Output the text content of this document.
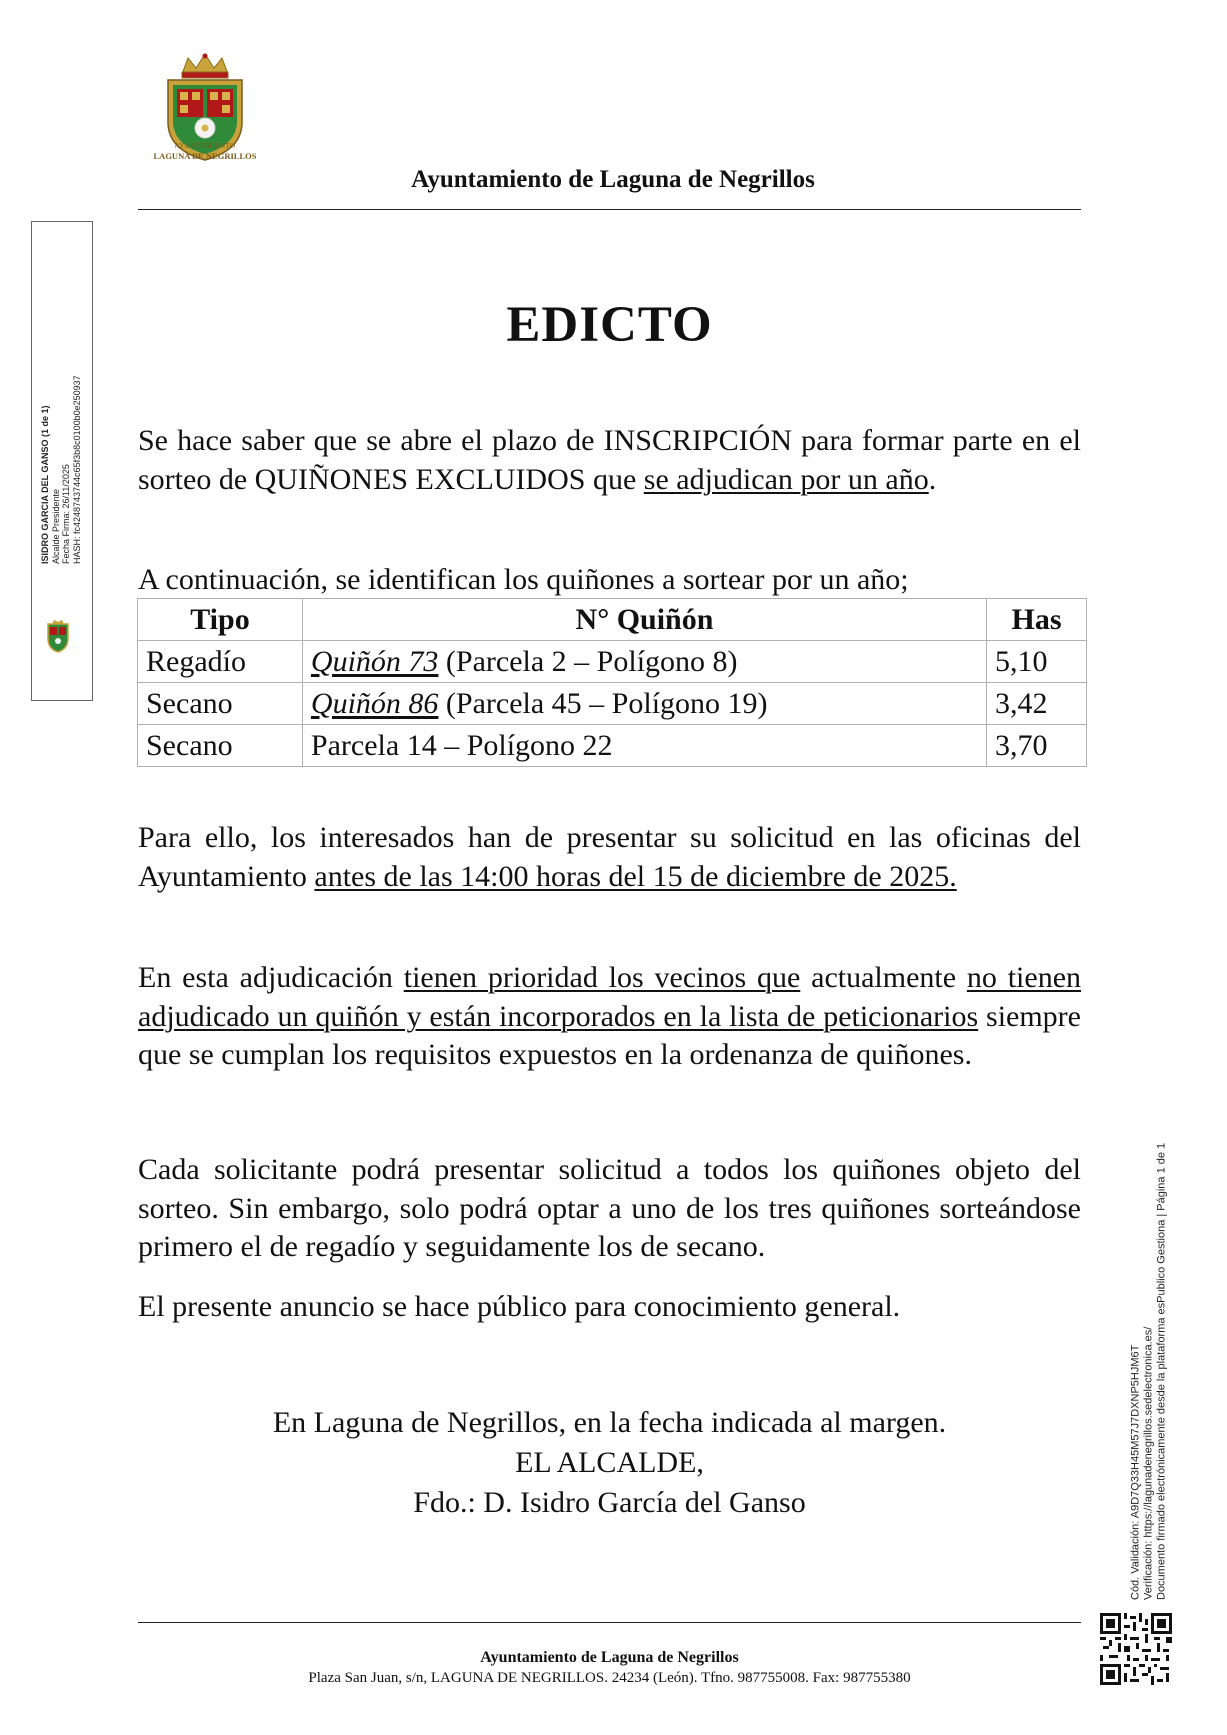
AYUNTAMIENTO
LAGUNA DE NEGRILLOS
Ayuntamiento de Laguna de Negrillos
ISIDRO GARCIA DEL GANSO (1 de 1)
Alcalde Presidente
Fecha Firma: 26/11/2025
HASH: fc4248743744c65f3b8c0100b0e250937
EDICTO
Se hace saber que se abre el plazo de INSCRIPCIÓN para formar parte en el sorteo de QUIÑONES EXCLUIDOS que se adjudican por un año.
A continuación, se identifican los quiñones a sortear por un año;
Tipo	N° Quiñón	Has
Regadío	Quiñón 73 (Parcela 2 – Polígono 8)	5,10
Secano	Quiñón 86 (Parcela 45 – Polígono 19)	3,42
Secano	Parcela 14 – Polígono 22	3,70
Para ello, los interesados han de presentar su solicitud en las oficinas del Ayuntamiento antes de las 14:00 horas del 15 de diciembre de 2025.
En esta adjudicación tienen prioridad los vecinos que actualmente no tienen adjudicado un quiñón y están incorporados en la lista de peticionarios siempre que se cumplan los requisitos expuestos en la ordenanza de quiñones.
Cada solicitante podrá presentar solicitud a todos los quiñones objeto del sorteo. Sin embargo, solo podrá optar a uno de los tres quiñones sorteándose primero el de regadío y seguidamente los de secano.
El presente anuncio se hace público para conocimiento general.
En Laguna de Negrillos, en la fecha indicada al margen.
EL ALCALDE,
Fdo.: D. Isidro García del Ganso	Cód. Validación: A9D7Q33H45M57J7DXNP5HJM6T
Verificación: https://lagunadenegrillos.sedelectronica.es/
Documento firmado electrónicamente desde la plataforma esPublico Gestiona | Página 1 de 1
Ayuntamiento de Laguna de Negrillos
Plaza San Juan, s/n, LAGUNA DE NEGRILLOS. 24234 (León). Tfno. 987755008. Fax: 987755380
